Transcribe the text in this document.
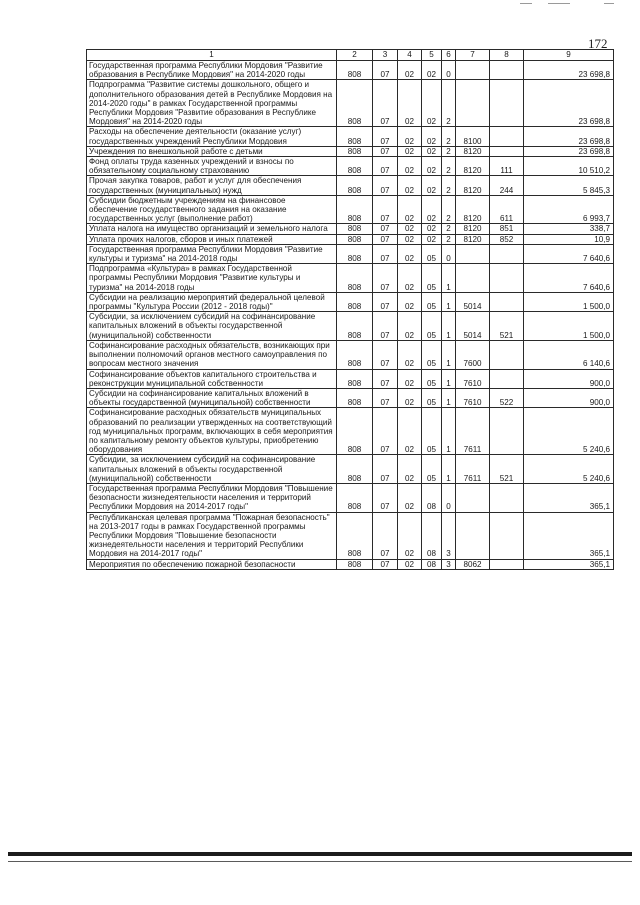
172
1	2	3	4	5	6	7	8	9
Государственная программа Республики Мордовия "Развитие образования в Республике Мордовия" на 2014-2020 годы	808	07	02	02	0			23 698,8
Подпрограмма "Развитие системы дошкольного, общего и дополнительного образования детей в Республике Мордовия на 2014-2020 годы" в рамках Государственной программы Республики Мордовия "Развитие образования в Республике Мордовия" на 2014-2020 годы	808	07	02	02	2			23 698,8
Расходы на обеспечение деятельности (оказание услуг) государственных учреждений Республики Мордовия	808	07	02	02	2	8100		23 698,8
Учреждения по внешкольной работе с детьми	808	07	02	02	2	8120		23 698,8
Фонд оплаты труда казенных учреждений и взносы по обязательному социальному страхованию	808	07	02	02	2	8120	111	10 510,2
Прочая закупка товаров, работ и услуг для обеспечения государственных (муниципальных) нужд	808	07	02	02	2	8120	244	5 845,3
Субсидии бюджетным учреждениям на финансовое обеспечение государственного задания на оказание государственных услуг (выполнение работ)	808	07	02	02	2	8120	611	6 993,7
Уплата налога на имущество организаций и земельного налога	808	07	02	02	2	8120	851	338,7
Уплата прочих налогов, сборов и иных платежей	808	07	02	02	2	8120	852	10,9
Государственная программа Республики Мордовия "Развитие культуры и туризма" на 2014-2018 годы	808	07	02	05	0			7 640,6
Подпрограмма «Культура» в рамках Государственной программы Республики Мордовия "Развитие культуры и туризма" на 2014-2018 годы	808	07	02	05	1			7 640,6
Субсидии на реализацию мероприятий федеральной целевой программы "Культура России (2012 - 2018 годы)"	808	07	02	05	1	5014		1 500,0
Субсидии, за исключением субсидий на софинансирование капитальных вложений в объекты государственной (муниципальной) собственности	808	07	02	05	1	5014	521	1 500,0
Софинансирование расходных обязательств, возникающих при выполнении полномочий органов местного самоуправления по вопросам местного значения	808	07	02	05	1	7600		6 140,6
Софинансирование объектов капитального строительства и реконструкции муниципальной собственности	808	07	02	05	1	7610		900,0
Субсидии на софинансирование капитальных вложений в объекты государственной (муниципальной) собственности	808	07	02	05	1	7610	522	900,0
Софинансирование расходных обязательств муниципальных образований по реализации утвержденных на соответствующий год муниципальных программ, включающих в себя мероприятия по капитальному ремонту объектов культуры, приобретению оборудования	808	07	02	05	1	7611		5 240,6
Субсидии, за исключением субсидий на софинансирование капитальных вложений в объекты государственной (муниципальной) собственности	808	07	02	05	1	7611	521	5 240,6
Государственная программа Республики Мордовия "Повышение безопасности жизнедеятельности населения и территорий Республики Мордовия на 2014-2017 годы"	808	07	02	08	0			365,1
Республиканская целевая программа "Пожарная безопасность" на 2013-2017 годы в рамках Государственной программы Республики Мордовия "Повышение безопасности жизнедеятельности населения и территорий Республики Мордовия на 2014-2017 годы"	808	07	02	08	3			365,1
Мероприятия по обеспечению пожарной безопасности	808	07	02	08	3	8062		365,1
